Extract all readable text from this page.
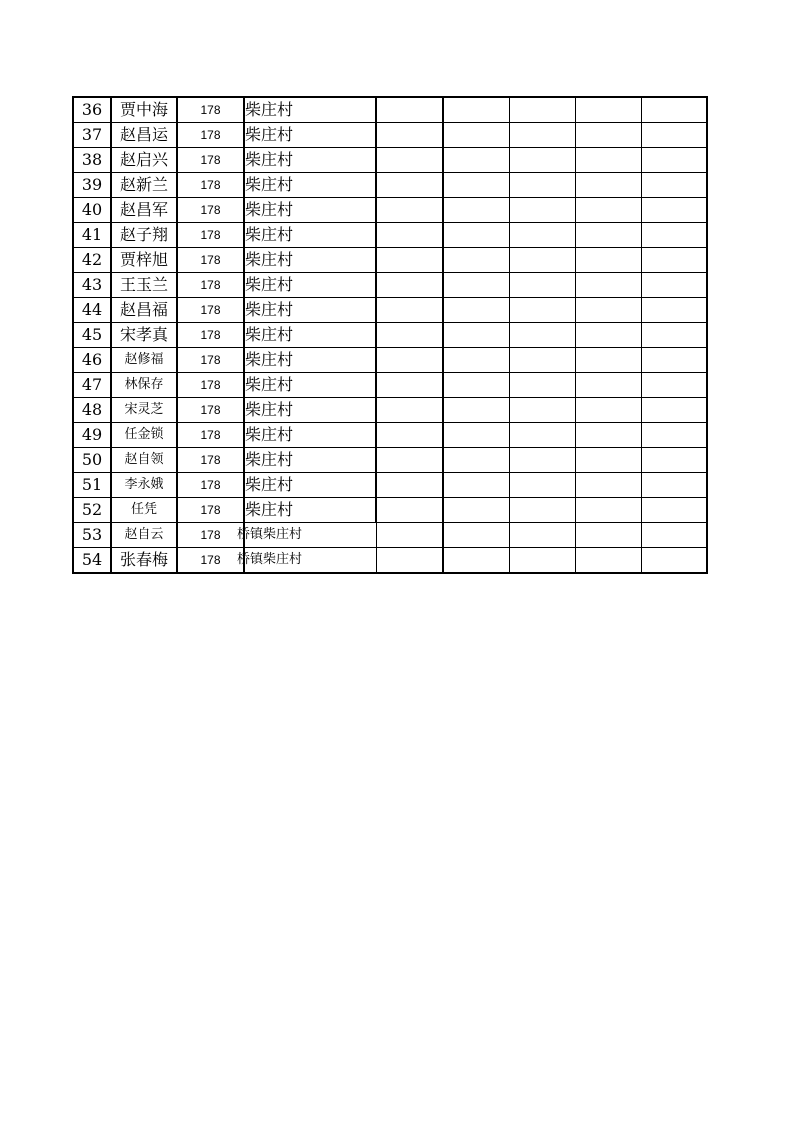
36	贾中海	178	柴庄村					
37	赵昌运	178	柴庄村					
38	赵启兴	178	柴庄村					
39	赵新兰	178	柴庄村					
40	赵昌军	178	柴庄村					
41	赵子翔	178	柴庄村					
42	贾梓旭	178	柴庄村					
43	王玉兰	178	柴庄村					
44	赵昌福	178	柴庄村					
45	宋孝真	178	柴庄村					
46	赵修福	178	柴庄村					
47	林保存	178	柴庄村					
48	宋灵芝	178	柴庄村					
49	任金锁	178	柴庄村					
50	赵自领	178	柴庄村					
51	李永娥	178	柴庄村					
52	任凭	178	柴庄村					
53	赵自云	178	桥镇柴庄村					
54	张春梅	178	桥镇柴庄村					
